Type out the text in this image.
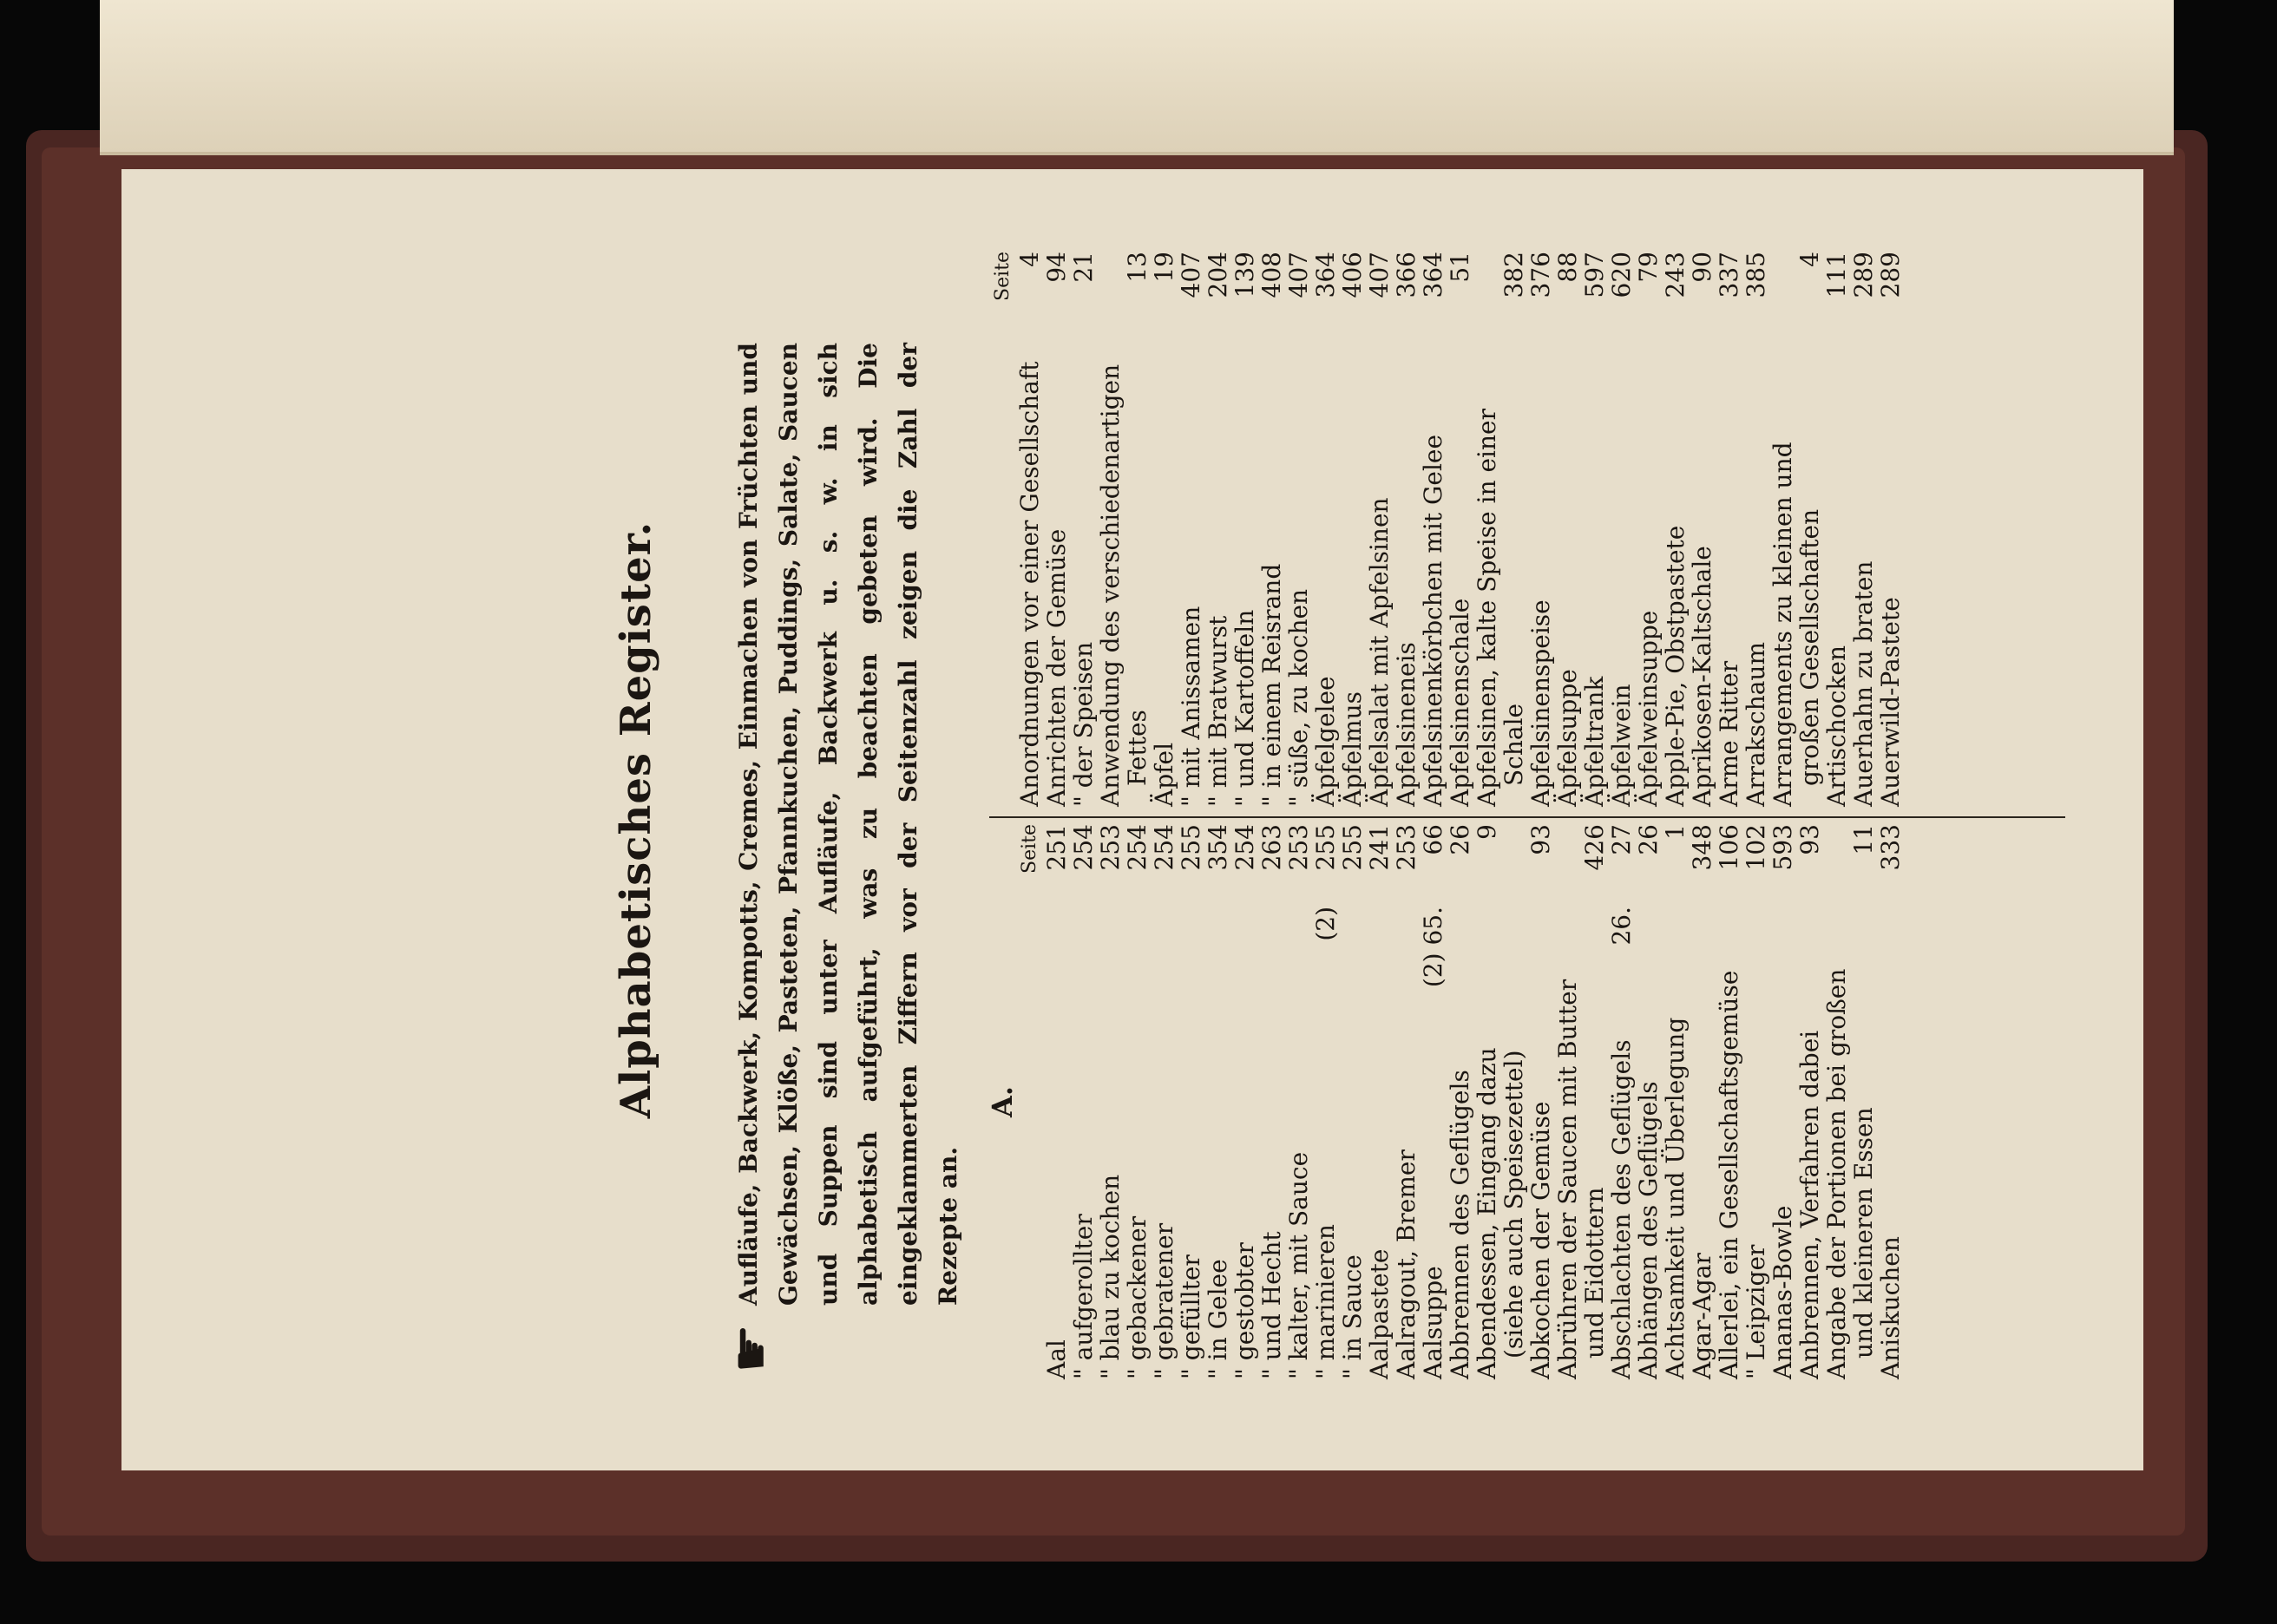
Alphabetisches Register.
☛
Aufläufe, Backwerk, Kompotts, Cremes, Einmachen von Früchten und Gewächsen, Klöße, Pasteten, Pfannkuchen, Puddings, Salate, Saucen und Suppen sind unter Aufläufe, Backwerk u. s. w. in sich alphabetisch aufgeführt, was zu beachten gebeten wird. Die eingeklammerten Ziffern vor der Seitenzahl zeigen die Zahl der Rezepte an.
A.
Seite
Aal
251
" aufgerollter
254
" blau zu kochen
253
" gebackener
254
" gebratener
254
" gefüllter
255
" in Gelee
354
" gestobter
254
" und Hecht
263
" kalter, mit Sauce
253
" marinieren
(2)
255
" in Sauce
255
Aalpastete
241
Aalragout, Bremer
253
Aalsuppe
(2) 65.
66
Abbrennen des Geflügels
26
Abendessen, Eingang dazu
9
(siehe auch Speisezettel)
Abkochen der Gemüse
93
Abrühren der Saucen mit Butter
und Eidottern
426
Abschlachten des Geflügels
26.
27
Abhängen des Geflügels
26
Achtsamkeit und Überlegung
1
Agar-Agar
348
Allerlei, ein Gesellschaftsgemüse
106
" Leipziger
102
Ananas-Bowle
593
Anbrennen, Verfahren dabei
93
Angabe der Portionen bei großen
und kleineren Essen
11
Aniskuchen
333
Seite
Anordnungen vor einer Gesellschaft
4
Anrichten der Gemüse
94
" der Speisen
21
Anwendung des verschiedenartigen
Fettes
13
Äpfel
19
" mit Anissamen
407
" mit Bratwurst
204
" und Kartoffeln
139
" in einem Reisrand
408
" süße, zu kochen
407
Äpfelgelee
364
Äpfelmus
406
Äpfelsalat mit Apfelsinen
407
Apfelsineneis
366
Apfelsinenkörbchen mit Gelee
364
Apfelsinenschale
51
Apfelsinen, kalte Speise in einer
Schale
382
Apfelsinenspeise
376
Äpfelsuppe
88
Äpfeltrank
597
Äpfelwein
620
Äpfelweinsuppe
79
Apple-Pie, Obstpastete
243
Aprikosen-Kaltschale
90
Arme Ritter
337
Arrakschaum
385
Arrangements zu kleinen und
großen Gesellschaften
4
Artischocken
111
Auerhahn zu braten
289
Auerwild-Pastete
289
